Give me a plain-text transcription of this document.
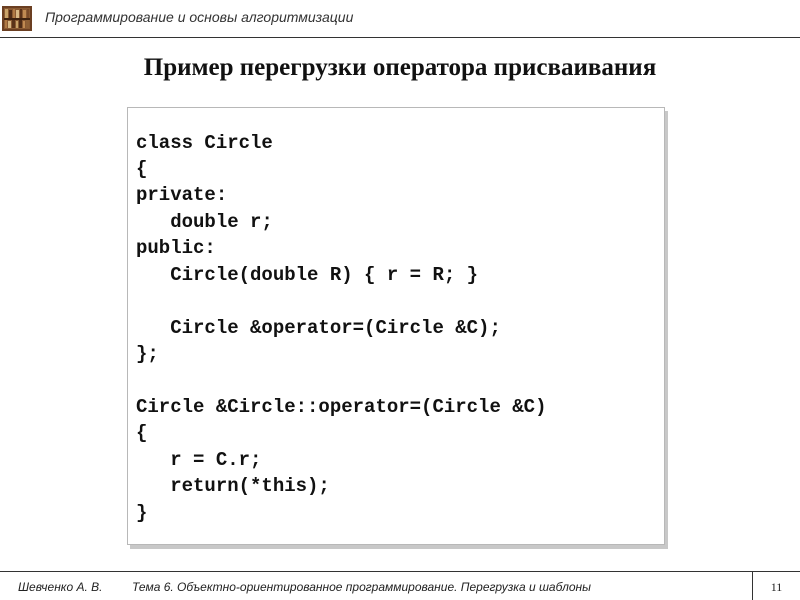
Программирование и основы алгоритмизации
Пример перегрузки оператора присваивания
class Circle
{
private:
double r;
public:
Circle(double R) { r = R; }
Circle &operator=(Circle &C);
};
Circle &Circle::operator=(Circle &C)
{
r = C.r;
return(*this);
}
Шевченко А. В. Тема 6. Объектно-ориентированное программирование. Перегрузка и шаблоны	11
